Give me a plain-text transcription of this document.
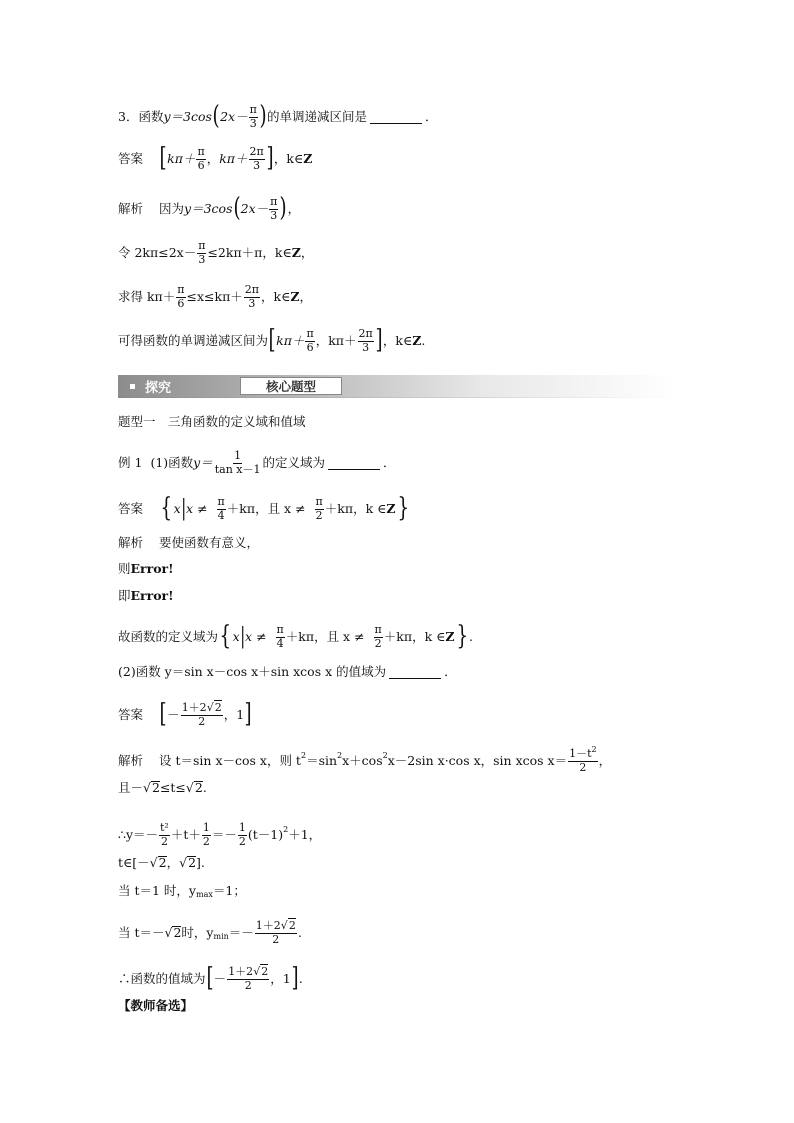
3．函数 y＝3cos ( $2x- \frac{\pi}{3}$ ) 的单调递减区间是	．
答案 [ $k\pi+ \frac{\pi}{6}$ ， $k\pi+ \frac{2\pi}{3}$ ] ，k∈ Z
解析 因为 y＝3cos ( $2x- \frac{\pi}{3}$ ) ，
令 $2k\pi\le 2x- \frac{\pi}{3} \le 2k\pi+\pi$，k∈ Z ，
求得 $k\pi+ \frac{\pi}{6} \le x\le k\pi+ \frac{2\pi}{3}$ ，k∈ Z ，
可得函数的单调递减区间为 [ $k\pi+ \frac{\pi}{6}$ ，$k\pi+ \frac{2\pi}{3}$ ] ，k∈ Z .
探究	核心题型
题型一　三角函数的定义域和值域
例 1 (1)函数 $y= \frac{1}{\text{tan x－1}}$ 的定义域为	．
答案 { x | $x \ne \frac{\pi}{4} +k\pi$，且 $x \ne \frac{\pi}{2} +k\pi$，k ∈ Z }
解析 要使函数有意义，
则 Error!
即 Error!
故函数的定义域为 { x | $x \ne \frac{\pi}{4} +k\pi$，且 $x \ne \frac{\pi}{2} +k\pi$，k ∈ Z } .
(2)函数 y＝sin x－cos x＋sin xcos x 的值域为	．
答案 [ － $\frac{1+2√2}{2}$ ，1 ]
解析 设 t＝sin x－cos x，则 t 2 ＝sin 2 x＋cos 2 x－2sin x·cos x，sin xcos $x= \frac{1-t^2}{2}$ ，
且－ √ 2 ≤t≤ √ 2 .
∴y＝－ $\frac{\text{t²}}{2} +t+ \frac{1}{2} =- \frac{1}{2} (t-1)$ 2 ＋1，
t∈[－ √ 2 ， √ 2 ].
当 t＝1 时，y max ＝1；
当 t＝－ √ 2 时，y $\min =- \frac{1+2√2}{2}$ .
∴函数的值域为 [ － $\frac{1+2√2}{2}$ ，1 ] .
【教师备选】
